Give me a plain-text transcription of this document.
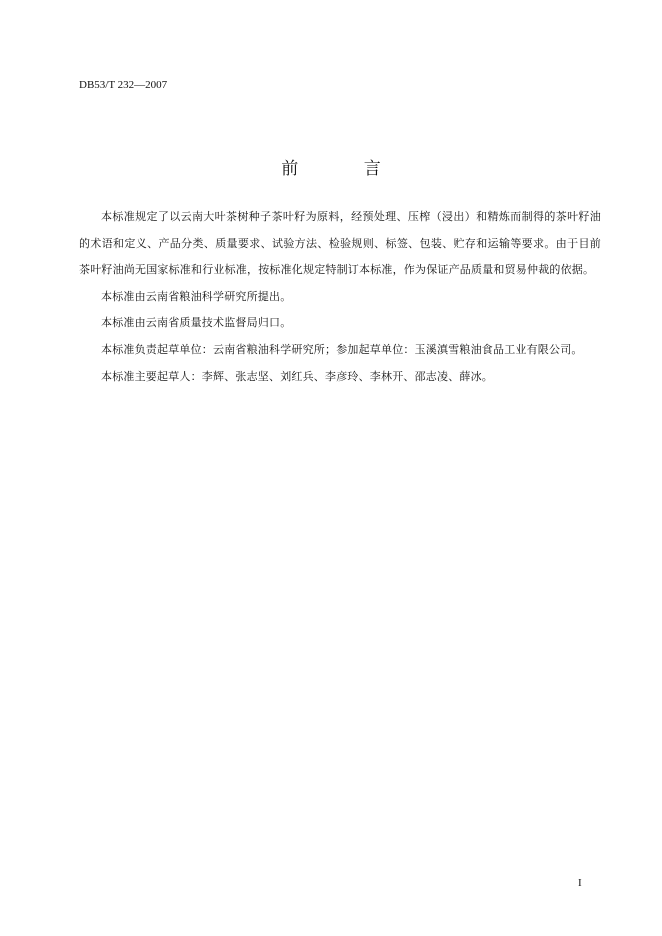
DB53/T 232—2007
前 言

本标准规定了以云南大叶茶树种子茶叶籽为原料，经预处理、压榨（浸出）和精炼而制得的茶叶籽油的术语和定义、产品分类、质量要求、试验方法、检验规则、标签、包装、贮存和运输等要求。由于目前茶叶籽油尚无国家标准和行业标准，按标准化规定特制订本标准，作为保证产品质量和贸易仲裁的依据。

本标准由云南省粮油科学研究所提出。

本标准由云南省质量技术监督局归口。

本标准负责起草单位：云南省粮油科学研究所；参加起草单位：玉溪滇雪粮油食品工业有限公司。

本标准主要起草人：李辉、张志坚、刘红兵、李彦玲、李林开、邵志凌、薛冰。

I
